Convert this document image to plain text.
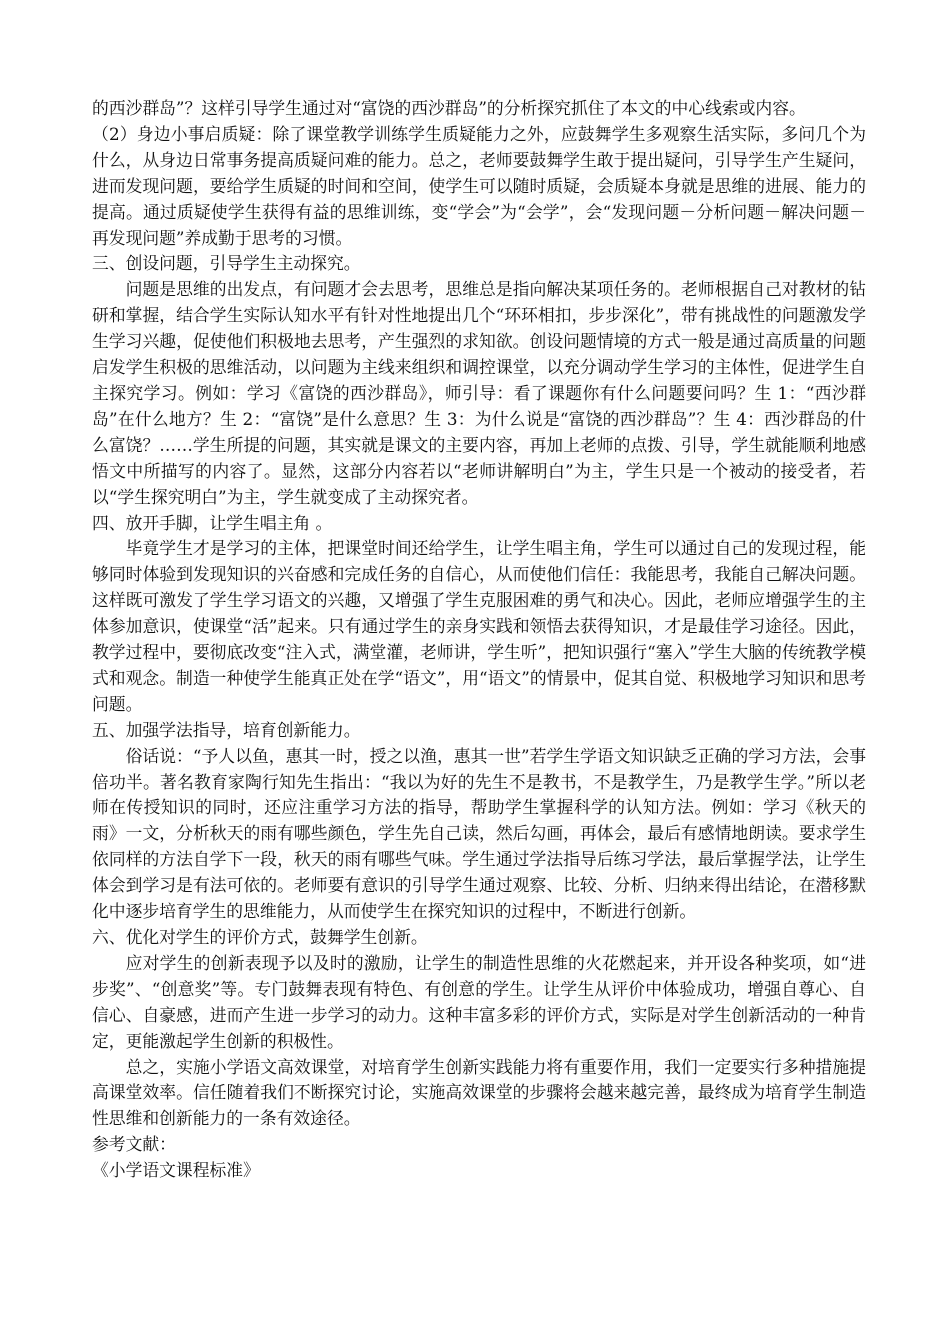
的西沙群岛”？这样引导学生通过对“富饶的西沙群岛”的分析探究抓住了本文的中心线索或内容。

（2）身边小事启质疑：除了课堂教学训练学生质疑能力之外，应鼓舞学生多观察生活实际，多问几个为什么，从身边日常事务提高质疑问难的能力。总之，老师要鼓舞学生敢于提出疑问，引导学生产生疑问，进而发现问题，要给学生质疑的时间和空间，使学生可以随时质疑，会质疑本身就是思维的进展、能力的提高。通过质疑使学生获得有益的思维训练，变“学会”为“会学”，会“发现问题－分析问题－解决问题－再发现问题”养成勤于思考的习惯。

三、创设问题，引导学生主动探究。

问题是思维的出发点，有问题才会去思考，思维总是指向解决某项任务的。老师根据自己对教材的钻研和掌握，结合学生实际认知水平有针对性地提出几个“环环相扣，步步深化”，带有挑战性的问题激发学生学习兴趣，促使他们积极地去思考，产生强烈的求知欲。创设问题情境的方式一般是通过高质量的问题启发学生积极的思维活动，以问题为主线来组织和调控课堂，以充分调动学生学习的主体性，促进学生自主探究学习。例如：学习《富饶的西沙群岛》，师引导：看了课题你有什么问题要问吗？生 1：“西沙群岛”在什么地方？生 2：“富饶”是什么意思？生 3：为什么说是“富饶的西沙群岛”？生 4：西沙群岛的什么富饶？……学生所提的问题，其实就是课文的主要内容，再加上老师的点拨、引导，学生就能顺利地感悟文中所描写的内容了。显然，这部分内容若以“老师讲解明白”为主，学生只是一个被动的接受者，若以“学生探究明白”为主，学生就变成了主动探究者。

四、放开手脚，让学生唱主角 。

毕竟学生才是学习的主体，把课堂时间还给学生，让学生唱主角，学生可以通过自己的发现过程，能够同时体验到发现知识的兴奋感和完成任务的自信心，从而使他们信任：我能思考，我能自己解决问题。这样既可激发了学生学习语文的兴趣，又增强了学生克服困难的勇气和决心。因此，老师应增强学生的主体参加意识，使课堂“活”起来。只有通过学生的亲身实践和领悟去获得知识，才是最佳学习途径。因此，教学过程中，要彻底改变“注入式，满堂灌，老师讲，学生听”，把知识强行“塞入”学生大脑的传统教学模式和观念。制造一种使学生能真正处在学“语文”，用“语文”的情景中，促其自觉、积极地学习知识和思考问题。

五、加强学法指导，培育创新能力。

俗话说：“予人以鱼，惠其一时，授之以渔，惠其一世”若学生学语文知识缺乏正确的学习方法，会事倍功半。著名教育家陶行知先生指出：“我以为好的先生不是教书，不是教学生，乃是教学生学。”所以老师在传授知识的同时，还应注重学习方法的指导，帮助学生掌握科学的认知方法。例如：学习《秋天的雨》一文，分析秋天的雨有哪些颜色，学生先自己读，然后勾画，再体会，最后有感情地朗读。要求学生依同样的方法自学下一段，秋天的雨有哪些气味。学生通过学法指导后练习学法，最后掌握学法，让学生体会到学习是有法可依的。老师要有意识的引导学生通过观察、比较、分析、归纳来得出结论，在潜移默化中逐步培育学生的思维能力，从而使学生在探究知识的过程中，不断进行创新。

六、优化对学生的评价方式，鼓舞学生创新。

应对学生的创新表现予以及时的激励，让学生的制造性思维的火花燃起来，并开设各种奖项，如“进步奖”、“创意奖”等。专门鼓舞表现有特色、有创意的学生。让学生从评价中体验成功，增强自尊心、自信心、自豪感，进而产生进一步学习的动力。这种丰富多彩的评价方式，实际是对学生创新活动的一种肯定，更能激起学生创新的积极性。

总之，实施小学语文高效课堂，对培育学生创新实践能力将有重要作用，我们一定要实行多种措施提高课堂效率。信任随着我们不断探究讨论，实施高效课堂的步骤将会越来越完善，最终成为培育学生制造性思维和创新能力的一条有效途径。

参考文献：

《小学语文课程标准》
